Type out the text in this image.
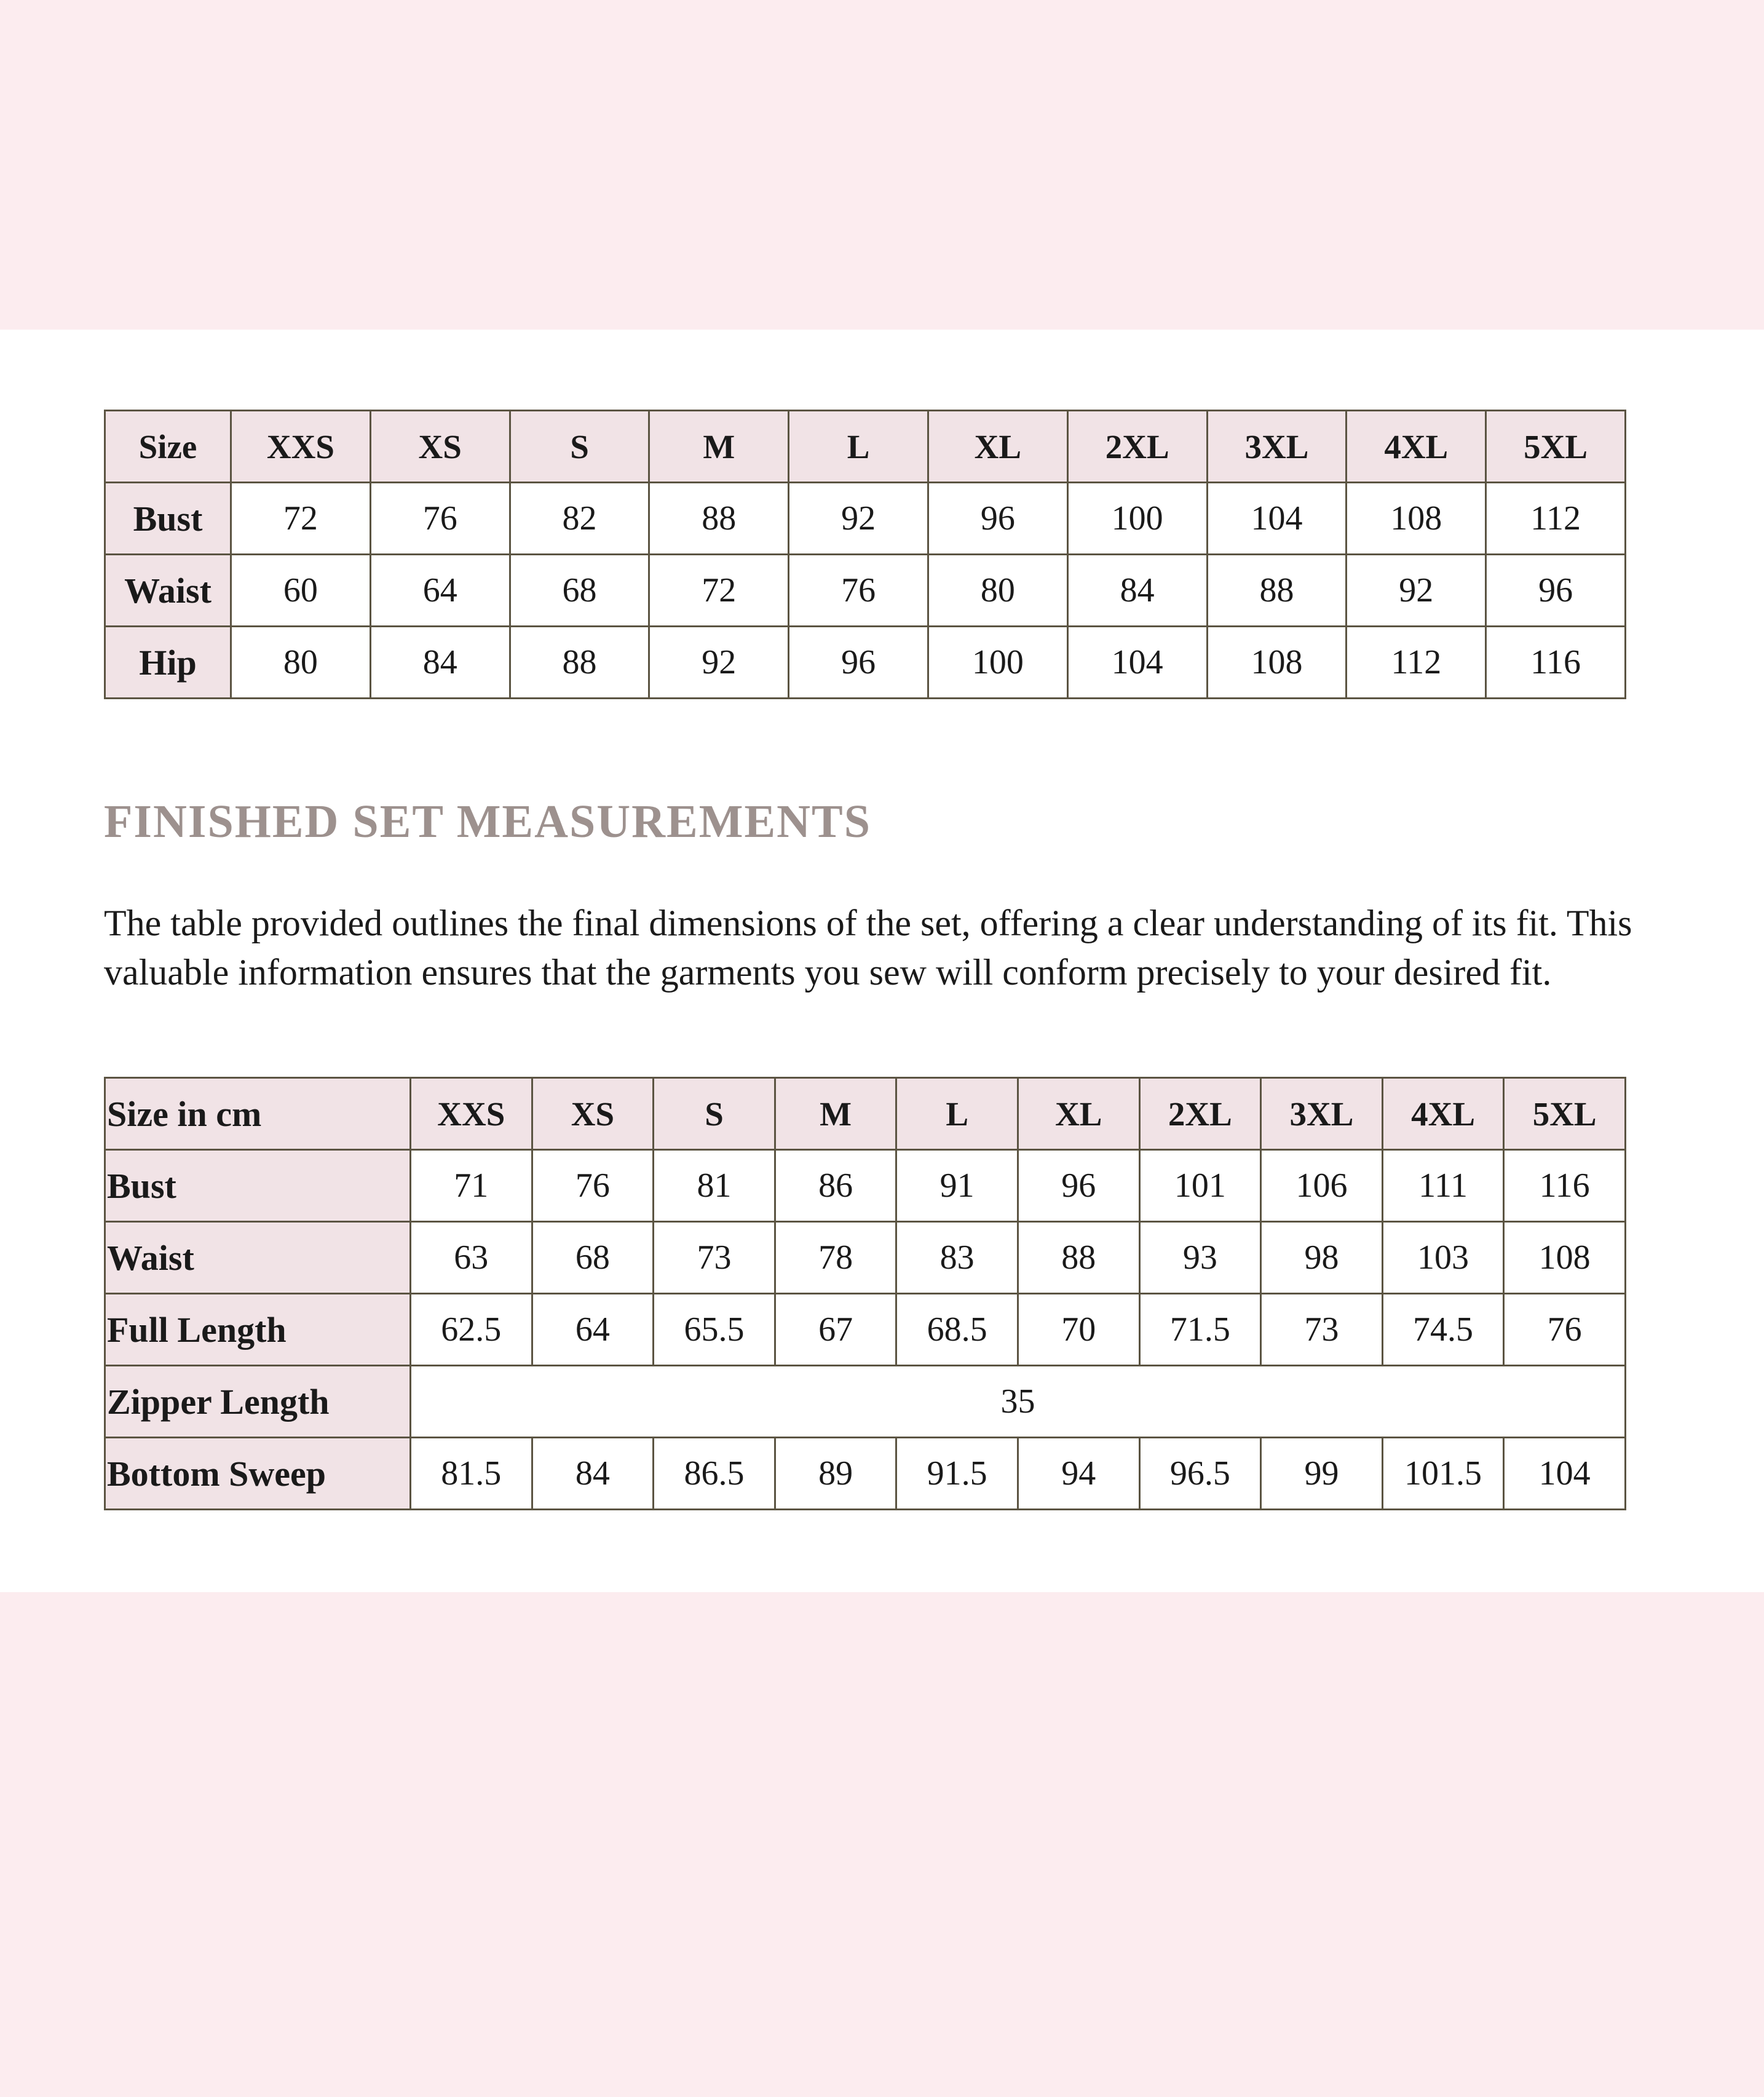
Size	XXS	XS	S	M	L	XL	2XL	3XL	4XL	5XL
Bust	72	76	82	88	92	96	100	104	108	112
Waist	60	64	68	72	76	80	84	88	92	96
Hip	80	84	88	92	96	100	104	108	112	116
FINISHED SET MEASUREMENTS

The table provided outlines the final dimensions of the set, offering a clear understanding of its fit. This valuable information ensures that the garments you sew will conform precisely to your desired fit.

Size in cm	XXS	XS	S	M	L	XL	2XL	3XL	4XL	5XL
Bust	71	76	81	86	91	96	101	106	111	116
Waist	63	68	73	78	83	88	93	98	103	108
Full Length	62.5	64	65.5	67	68.5	70	71.5	73	74.5	76
Zipper Length	35									
Bottom Sweep	81.5	84	86.5	89	91.5	94	96.5	99	101.5	104
